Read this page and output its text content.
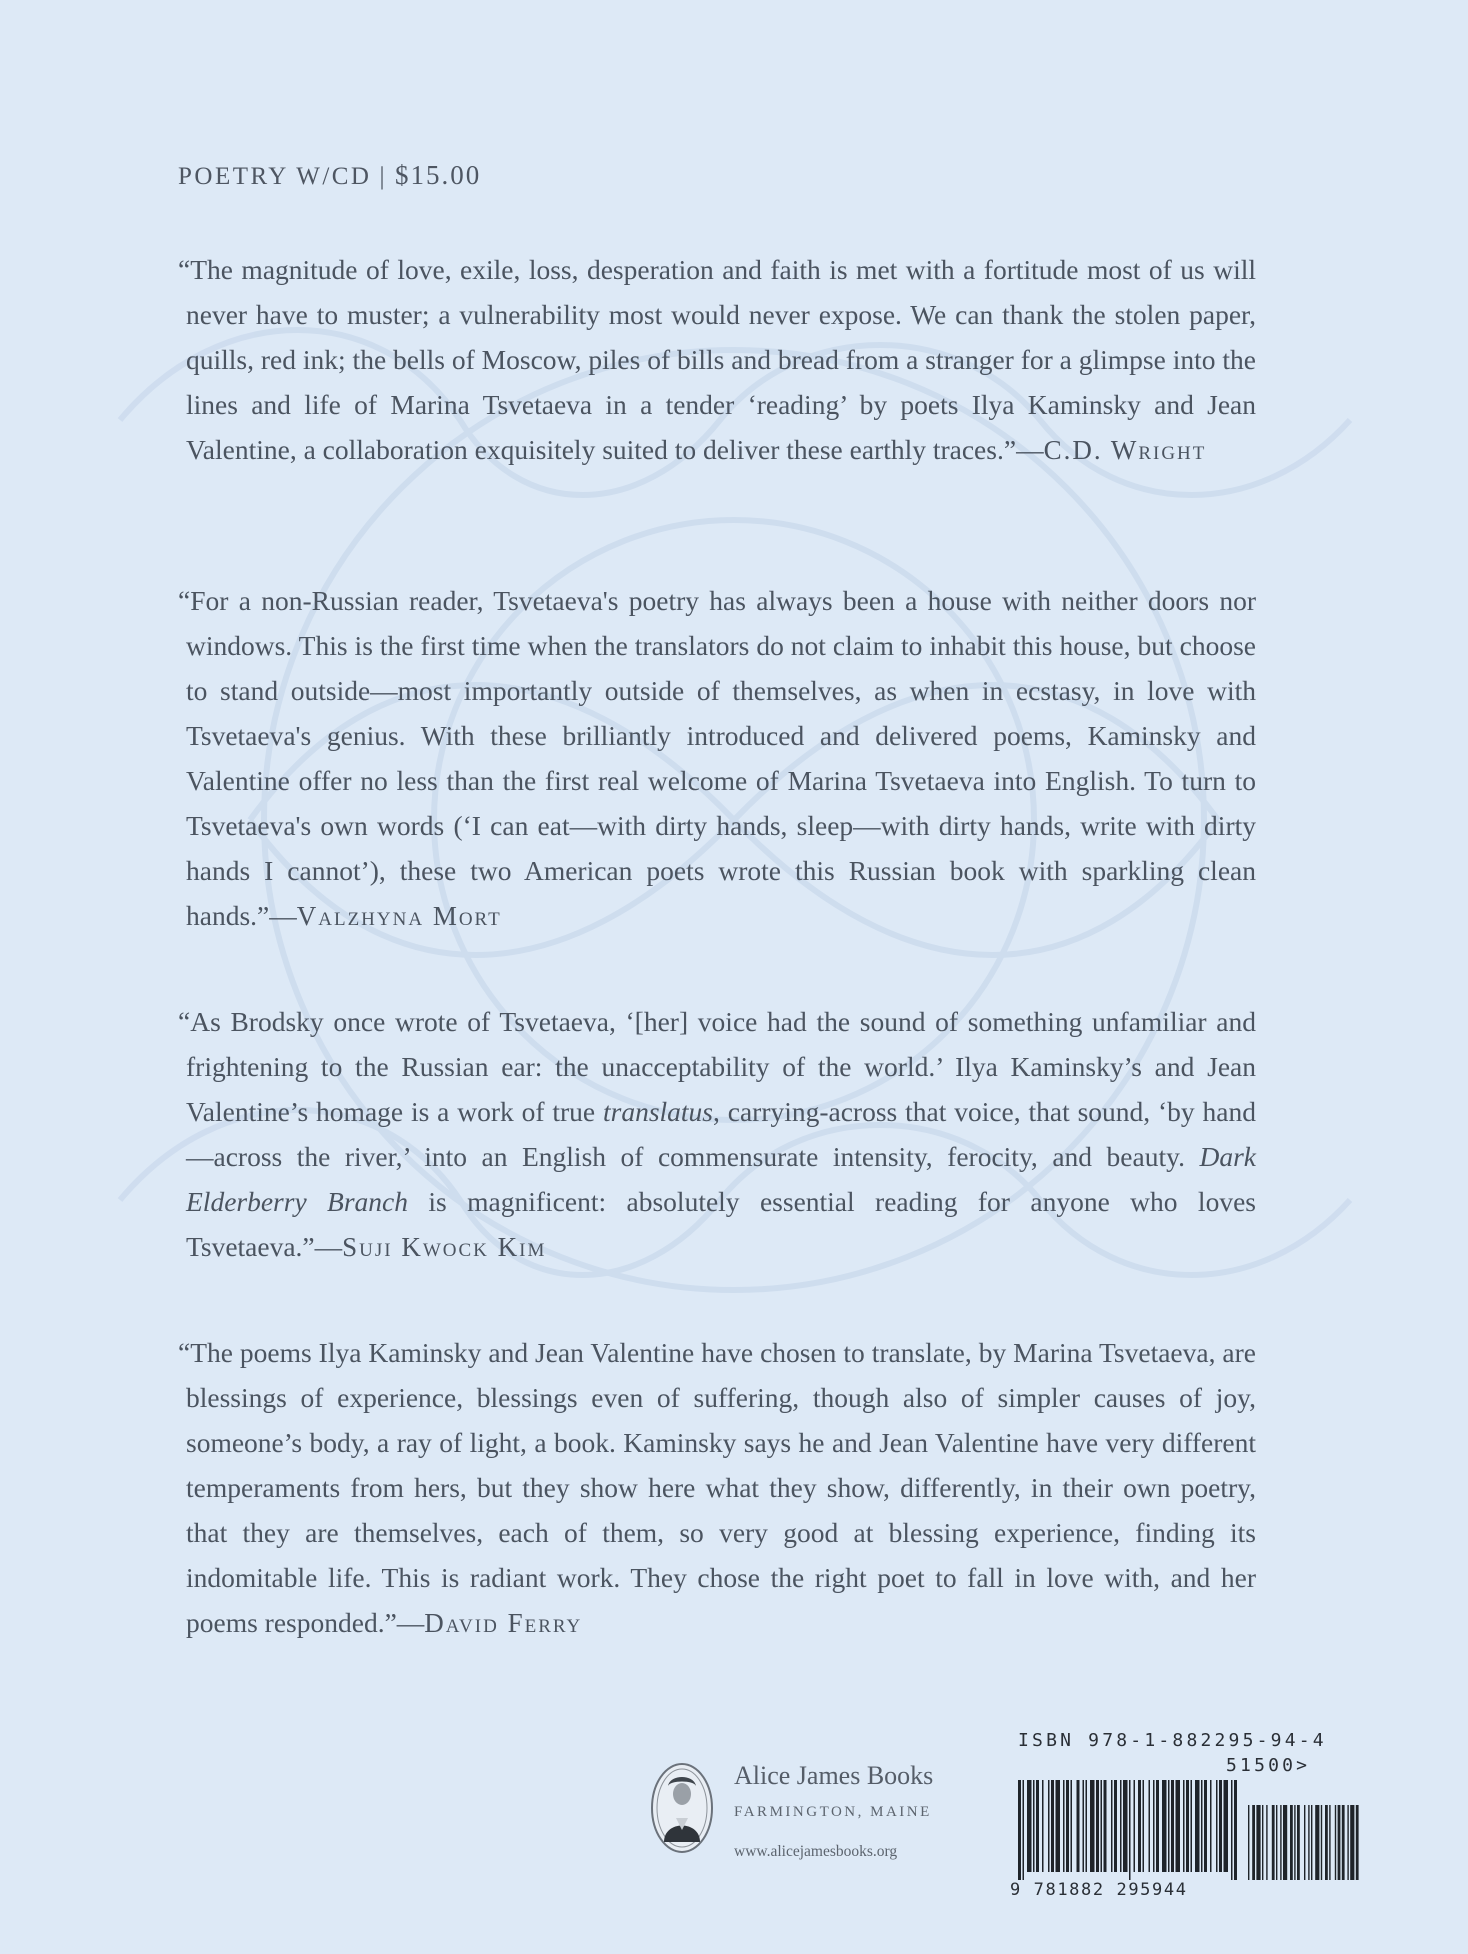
POETRY W/CD | $15.00
“The magnitude of love, exile, loss, desperation and faith is met with a fortitude most of us will never have to muster; a vulnerability most would never expose. We can thank the stolen paper, quills, red ink; the bells of Moscow, piles of bills and bread from a stranger for a glimpse into the lines and life of Marina Tsvetaeva in a tender ‘reading’ by poets Ilya Kaminsky and Jean Valentine, a collaboration exquisitely suited to deliver these earthly traces.”—C.D. Wright
“For a non-Russian reader, Tsvetaeva's poetry has always been a house with neither doors nor windows. This is the first time when the translators do not claim to inhabit this house, but choose to stand outside—most importantly outside of themselves, as when in ecstasy, in love with Tsvetaeva's genius. With these brilliantly introduced and delivered poems, Kaminsky and Valentine offer no less than the first real welcome of Marina Tsvetaeva into English. To turn to Tsvetaeva's own words (‘I can eat—with dirty hands, sleep—with dirty hands, write with dirty hands I cannot’), these two American poets wrote this Russian book with sparkling clean hands.”—Valzhyna Mort
“As Brodsky once wrote of Tsvetaeva, ‘[her] voice had the sound of something unfamiliar and frightening to the Russian ear: the unacceptability of the world.’ Ilya Kaminsky’s and Jean Valentine’s homage is a work of true translatus, carrying-across that voice, that sound, ‘by hand—across the river,’ into an English of commensurate intensity, ferocity, and beauty. Dark Elderberry Branch is magnificent: absolutely essential reading for anyone who loves Tsvetaeva.”—Suji Kwock Kim
“The poems Ilya Kaminsky and Jean Valentine have chosen to translate, by Marina Tsvetaeva, are blessings of experience, blessings even of suffering, though also of simpler causes of joy, someone’s body, a ray of light, a book. Kaminsky says he and Jean Valentine have very different temperaments from hers, but they show here what they show, differently, in their own poetry, that they are themselves, each of them, so very good at blessing experience, finding its indomitable life. This is radiant work. They chose the right poet to fall in love with, and her poems responded.”—David Ferry
Alice James Books
FARMINGTON, MAINE
www.alicejamesbooks.org
ISBN 978-1-882295-94-4
51500>
9 781882 295944
